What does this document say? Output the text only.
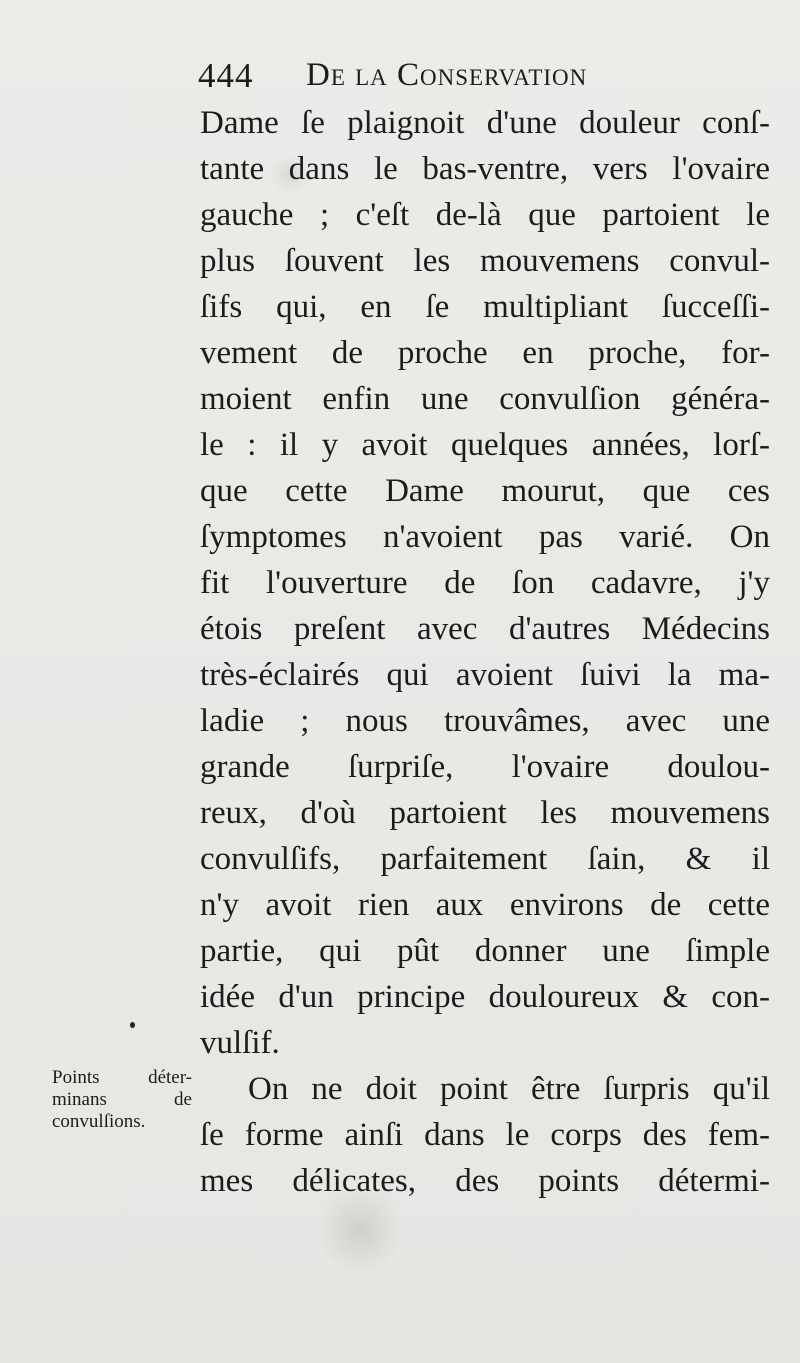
444 De la Conservation
Dame ſe plaignoit d'une douleur conſ-
tante dans le bas-ventre, vers l'ovaire
gauche ; c'eſt de-là que partoient le
plus ſouvent les mouvemens convul-
ſifs qui, en ſe multipliant ſucceſſi-
vement de proche en proche, for-
moient enfin une convulſion généra-
le : il y avoit quelques années, lorſ-
que cette Dame mourut, que ces
ſymptomes n'avoient pas varié. On
fit l'ouverture de ſon cadavre, j'y
étois preſent avec d'autres Médecins
très-éclairés qui avoient ſuivi la ma-
ladie ; nous trouvâmes, avec une
grande ſurpriſe, l'ovaire doulou-
reux, d'où partoient les mouvemens
convulſifs, parfaitement ſain, & il
n'y avoit rien aux environs de cette
partie, qui pût donner une ſimple
idée d'un principe douloureux & con-
vulſif.
On ne doit point être ſurpris qu'il
ſe forme ainſi dans le corps des fem-
mes délicates, des points détermi-
Points déter-
minans de
convulſions.
